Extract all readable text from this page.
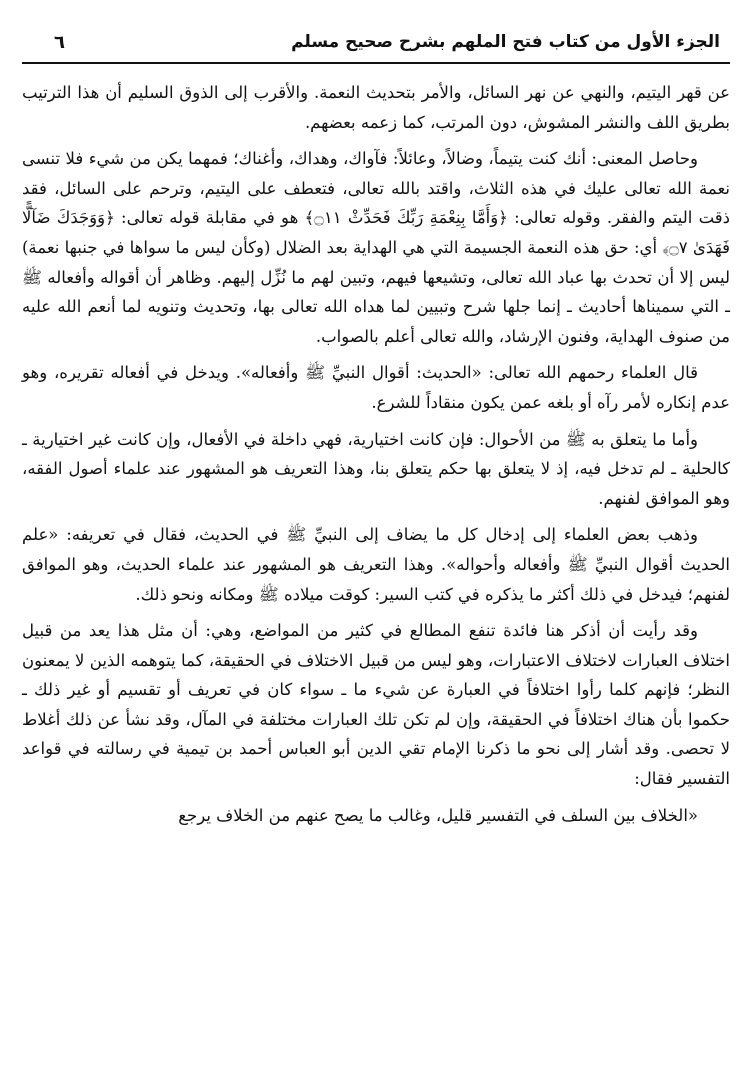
الجزء الأول من كتاب فتح الملهم بشرح صحيح مسلم
٦

عن قهر اليتيم، والنهي عن نهر السائل، والأمر بتحديث النعمة. والأقرب إلى الذوق السليم أن هذا الترتيب بطريق اللف والنشر المشوش، دون المرتب، كما زعمه بعضهم.

وحاصل المعنى: أنك كنت يتيماً، وضالاً، وعائلاً: فآواك، وهداك، وأغناك؛ فمهما يكن من شيء فلا تنسى نعمة الله تعالى عليك في هذه الثلاث، واقتد بالله تعالى، فتعطف على اليتيم، وترحم على السائل، فقد ذقت اليتم والفقر. وقوله تعالى: ﴿وَأَمَّا بِنِعْمَةِ رَبِّكَ فَحَدِّثْ ۝١١﴾ هو في مقابلة قوله تعالى: ﴿وَوَجَدَكَ ضَآلًّا فَهَدَىٰ ۝٧﴾ أي: حق هذه النعمة الجسيمة التي هي الهداية بعد الضلال (وكأن ليس ما سواها في جنبها نعمة) ليس إلا أن تحدث بها عباد الله تعالى، وتشيعها فيهم، وتبين لهم ما نُزِّل إليهم. وظاهر أن أقواله وأفعاله ﷺ ـ التي سميناها أحاديث ـ إنما جلها شرح وتبيين لما هداه الله تعالى بها، وتحديث وتنويه لما أنعم الله عليه من صنوف الهداية، وفنون الإرشاد، والله تعالى أعلم بالصواب.

قال العلماء رحمهم الله تعالى: «الحديث: أقوال النبيِّ ﷺ وأفعاله». ويدخل في أفعاله تقريره، وهو عدم إنكاره لأمر رآه أو بلغه عمن يكون منقاداً للشرع.

وأما ما يتعلق به ﷺ من الأحوال: فإن كانت اختيارية، فهي داخلة في الأفعال، وإن كانت غير اختيارية ـ كالحلية ـ لم تدخل فيه، إذ لا يتعلق بها حكم يتعلق بنا، وهذا التعريف هو المشهور عند علماء أصول الفقه، وهو الموافق لفنهم.

وذهب بعض العلماء إلى إدخال كل ما يضاف إلى النبيِّ ﷺ في الحديث، فقال في تعريفه: «علم الحديث أقوال النبيِّ ﷺ وأفعاله وأحواله». وهذا التعريف هو المشهور عند علماء الحديث، وهو الموافق لفنهم؛ فيدخل في ذلك أكثر ما يذكره في كتب السير: كوقت ميلاده ﷺ ومكانه ونحو ذلك.

وقد رأيت أن أذكر هنا فائدة تنفع المطالع في كثير من المواضع، وهي: أن مثل هذا يعد من قبيل اختلاف العبارات لاختلاف الاعتبارات، وهو ليس من قبيل الاختلاف في الحقيقة، كما يتوهمه الذين لا يمعنون النظر؛ فإنهم كلما رأوا اختلافاً في العبارة عن شيء ما ـ سواء كان في تعريف أو تقسيم أو غير ذلك ـ حكموا بأن هناك اختلافاً في الحقيقة، وإن لم تكن تلك العبارات مختلفة في المآل، وقد نشأ عن ذلك أغلاط لا تحصى. وقد أشار إلى نحو ما ذكرنا الإمام تقي الدين أبو العباس أحمد بن تيمية في رسالته في قواعد التفسير فقال:

«الخلاف بين السلف في التفسير قليل، وغالب ما يصح عنهم من الخلاف يرجع
